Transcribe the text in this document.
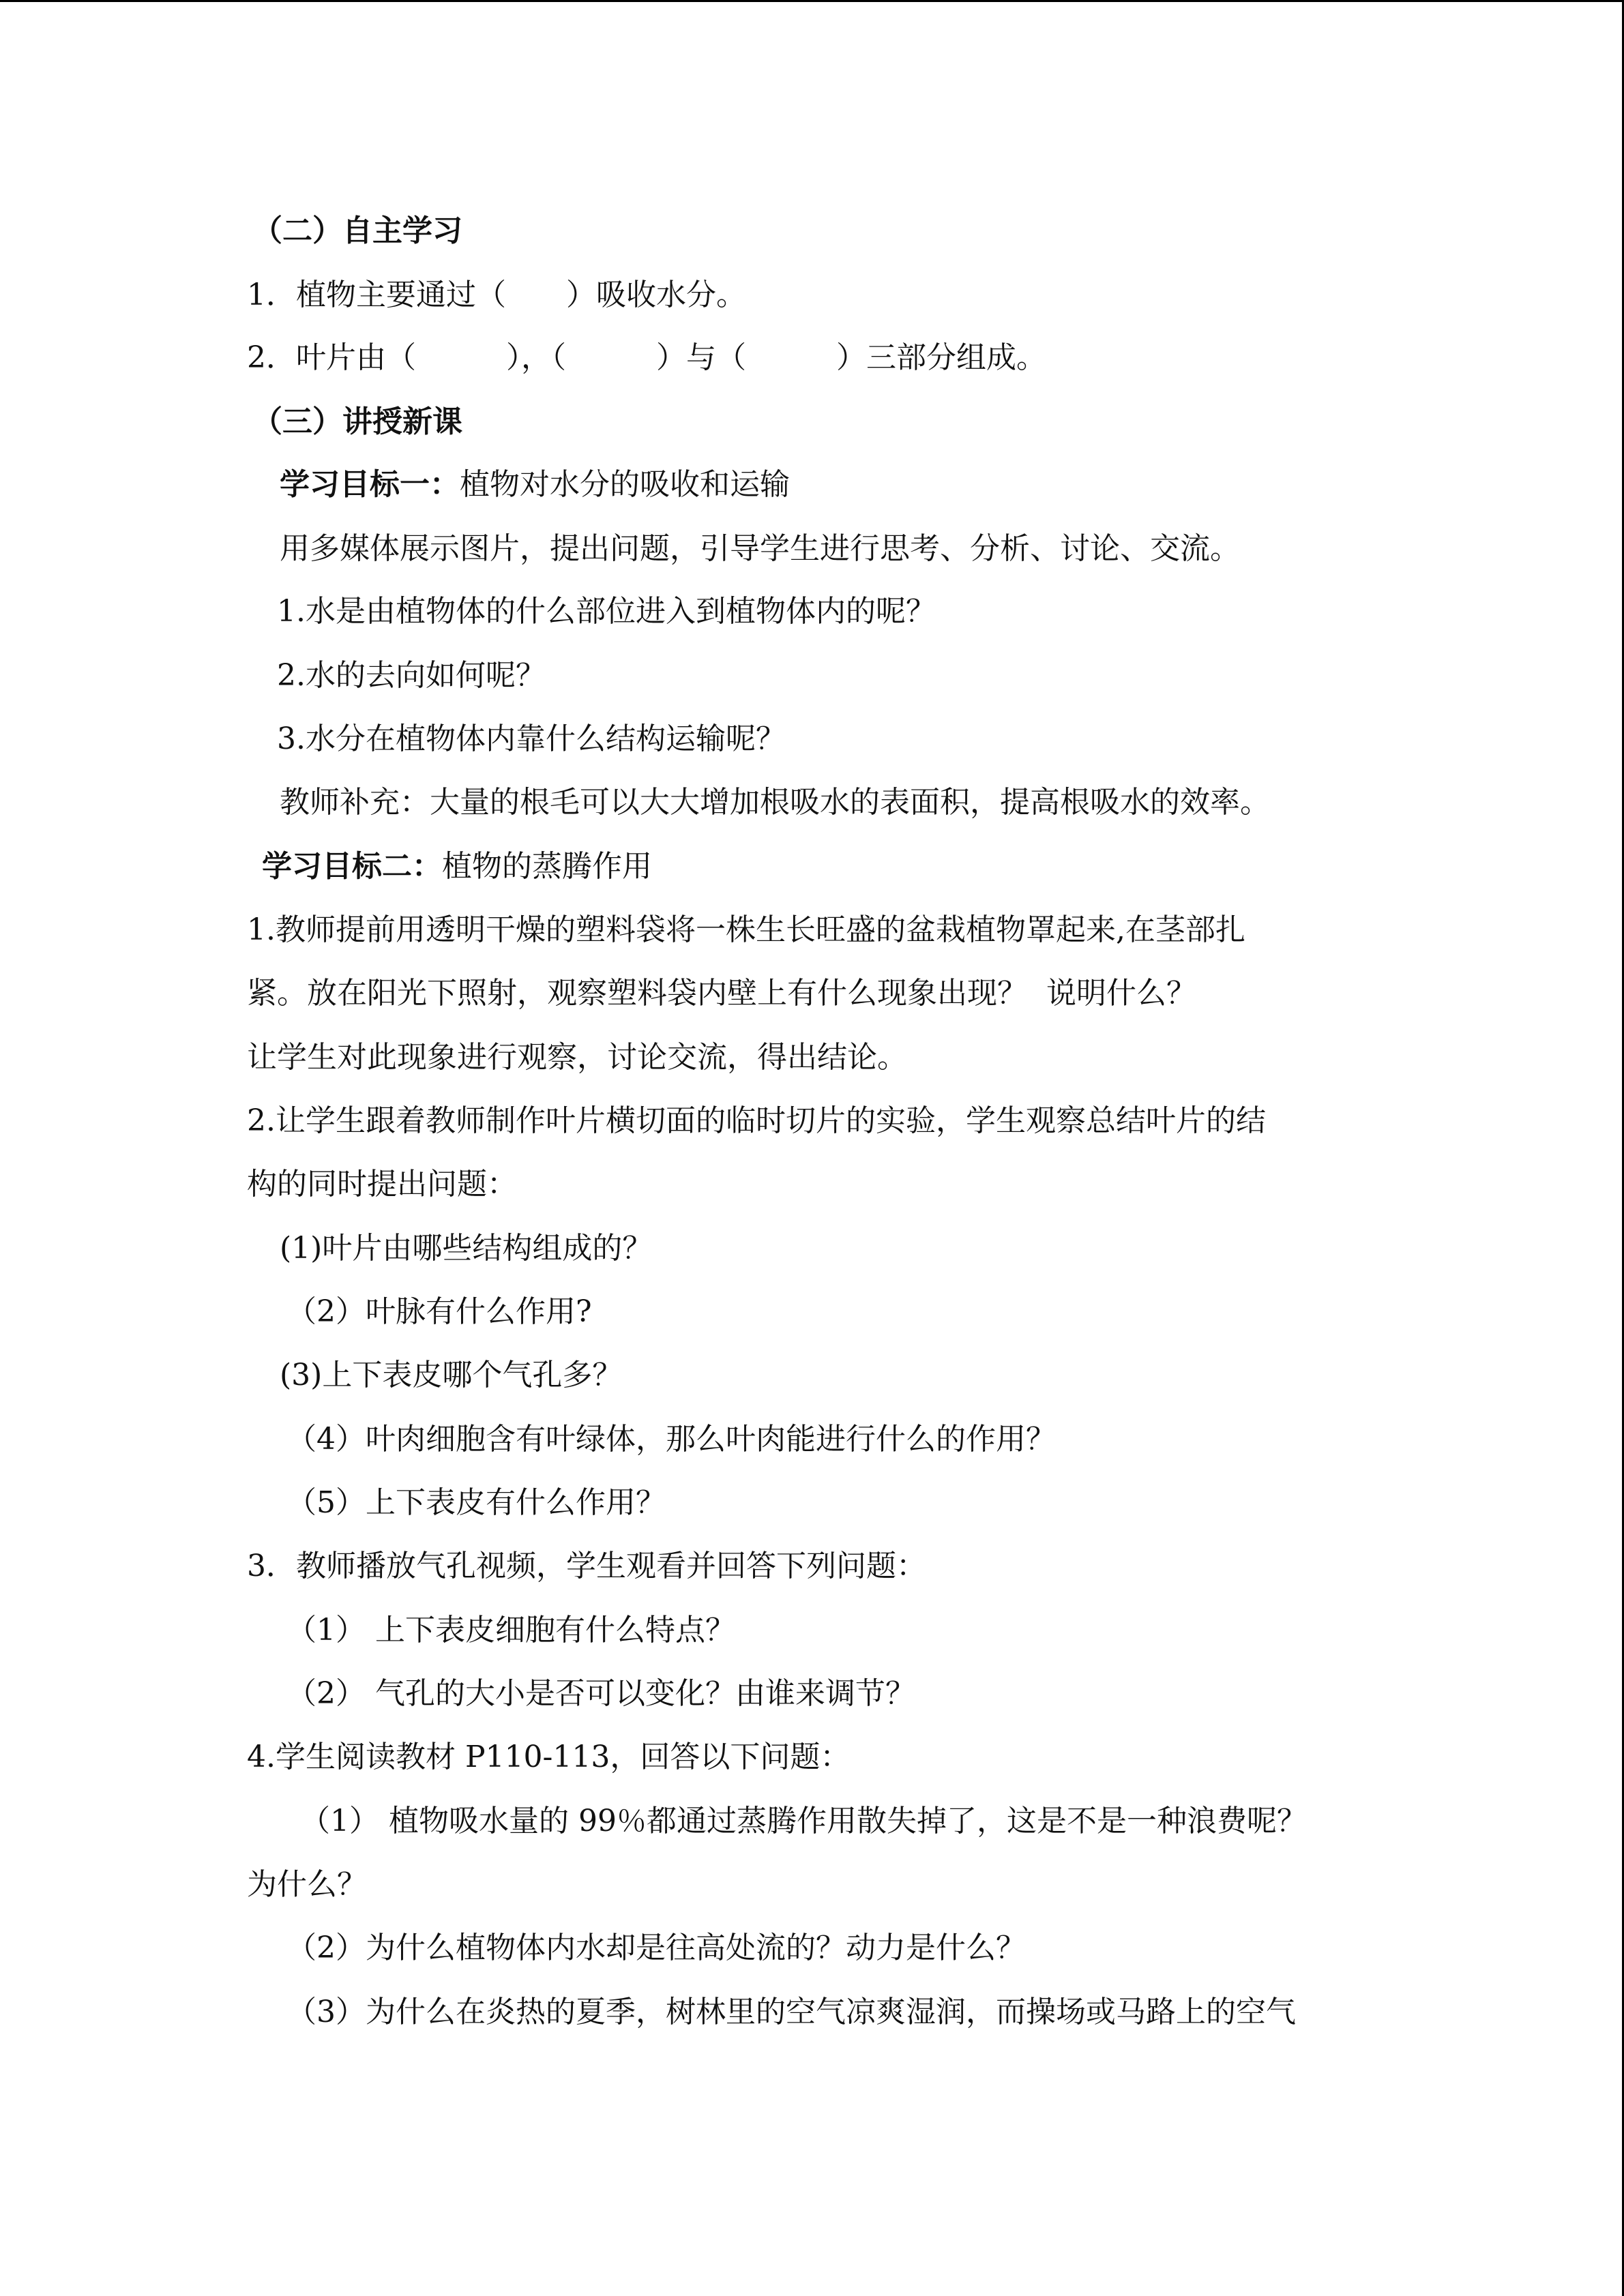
（二）自主学习
1．植物主要通过（　　）吸收水分。
2．叶片由（　　　），（　　　）与（　　　）三部分组成。
（三）讲授新课
学习目标一：植物对水分的吸收和运输
用多媒体展示图片，提出问题，引导学生进行思考、分析、讨论、交流。
1.水是由植物体的什么部位进入到植物体内的呢？
2.水的去向如何呢？
3.水分在植物体内靠什么结构运输呢？
教师补充：大量的根毛可以大大增加根吸水的表面积，提高根吸水的效率。
学习目标二：植物的蒸腾作用
1.教师提前用透明干燥的塑料袋将一株生长旺盛的盆栽植物罩起来,在茎部扎
紧。放在阳光下照射，观察塑料袋内壁上有什么现象出现？  说明什么？
让学生对此现象进行观察，讨论交流，得出结论。
2.让学生跟着教师制作叶片横切面的临时切片的实验，学生观察总结叶片的结
构的同时提出问题：
(1)叶片由哪些结构组成的？
（2）叶脉有什么作用?
(3)上下表皮哪个气孔多？
（4）叶肉细胞含有叶绿体，那么叶肉能进行什么的作用？
（5）上下表皮有什么作用？
3．教师播放气孔视频，学生观看并回答下列问题：
（1） 上下表皮细胞有什么特点？
（2） 气孔的大小是否可以变化？由谁来调节？
4.学生阅读教材 P110-113，回答以下问题：
（1） 植物吸水量的 99％都通过蒸腾作用散失掉了，这是不是一种浪费呢？
为什么？
（2）为什么植物体内水却是往高处流的？动力是什么？
（3）为什么在炎热的夏季，树林里的空气凉爽湿润，而操场或马路上的空气
